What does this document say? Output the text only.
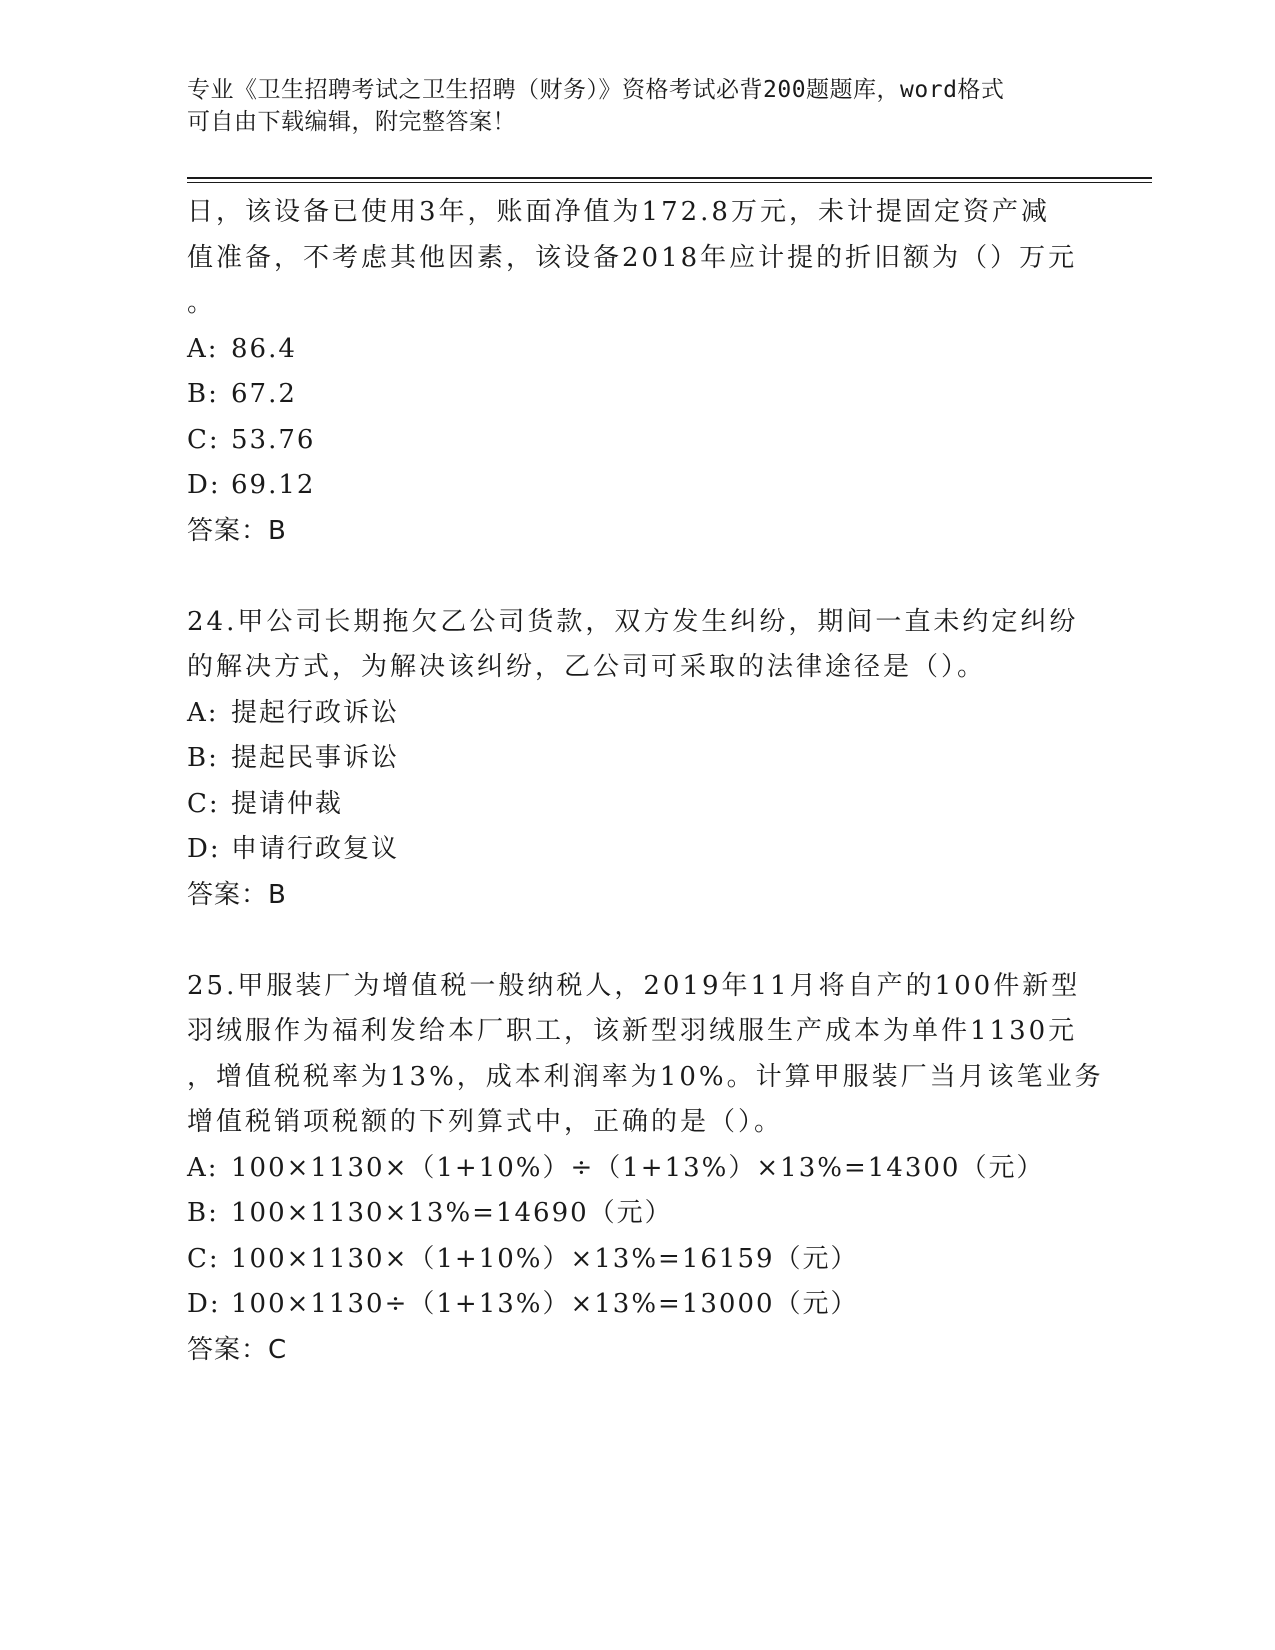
专业《卫生招聘考试之卫生招聘（财务）》资格考试必背200题题库，word格式
可自由下载编辑，附完整答案！
日，该设备已使用3年，账面净值为172.8万元，未计提固定资产减
值准备，不考虑其他因素，该设备2018年应计提的折旧额为（）万元
。
A: 86.4
B: 67.2
C: 53.76
D: 69.12
答案：B
24.甲公司长期拖欠乙公司货款，双方发生纠纷，期间一直未约定纠纷
的解决方式，为解决该纠纷，乙公司可采取的法律途径是（）。
A: 提起行政诉讼
B: 提起民事诉讼
C: 提请仲裁
D: 申请行政复议
答案：B
25.甲服装厂为增值税一般纳税人，2019年11月将自产的100件新型
羽绒服作为福利发给本厂职工，该新型羽绒服生产成本为单件1130元
，增值税税率为13%，成本利润率为10%。计算甲服装厂当月该笔业务
增值税销项税额的下列算式中，正确的是（）。
A: 100×1130×（1+10%）÷（1+13%）×13%=14300（元）
B: 100×1130×13%=14690（元）
C: 100×1130×（1+10%）×13%=16159（元）
D: 100×1130÷（1+13%）×13%=13000（元）
答案：C
